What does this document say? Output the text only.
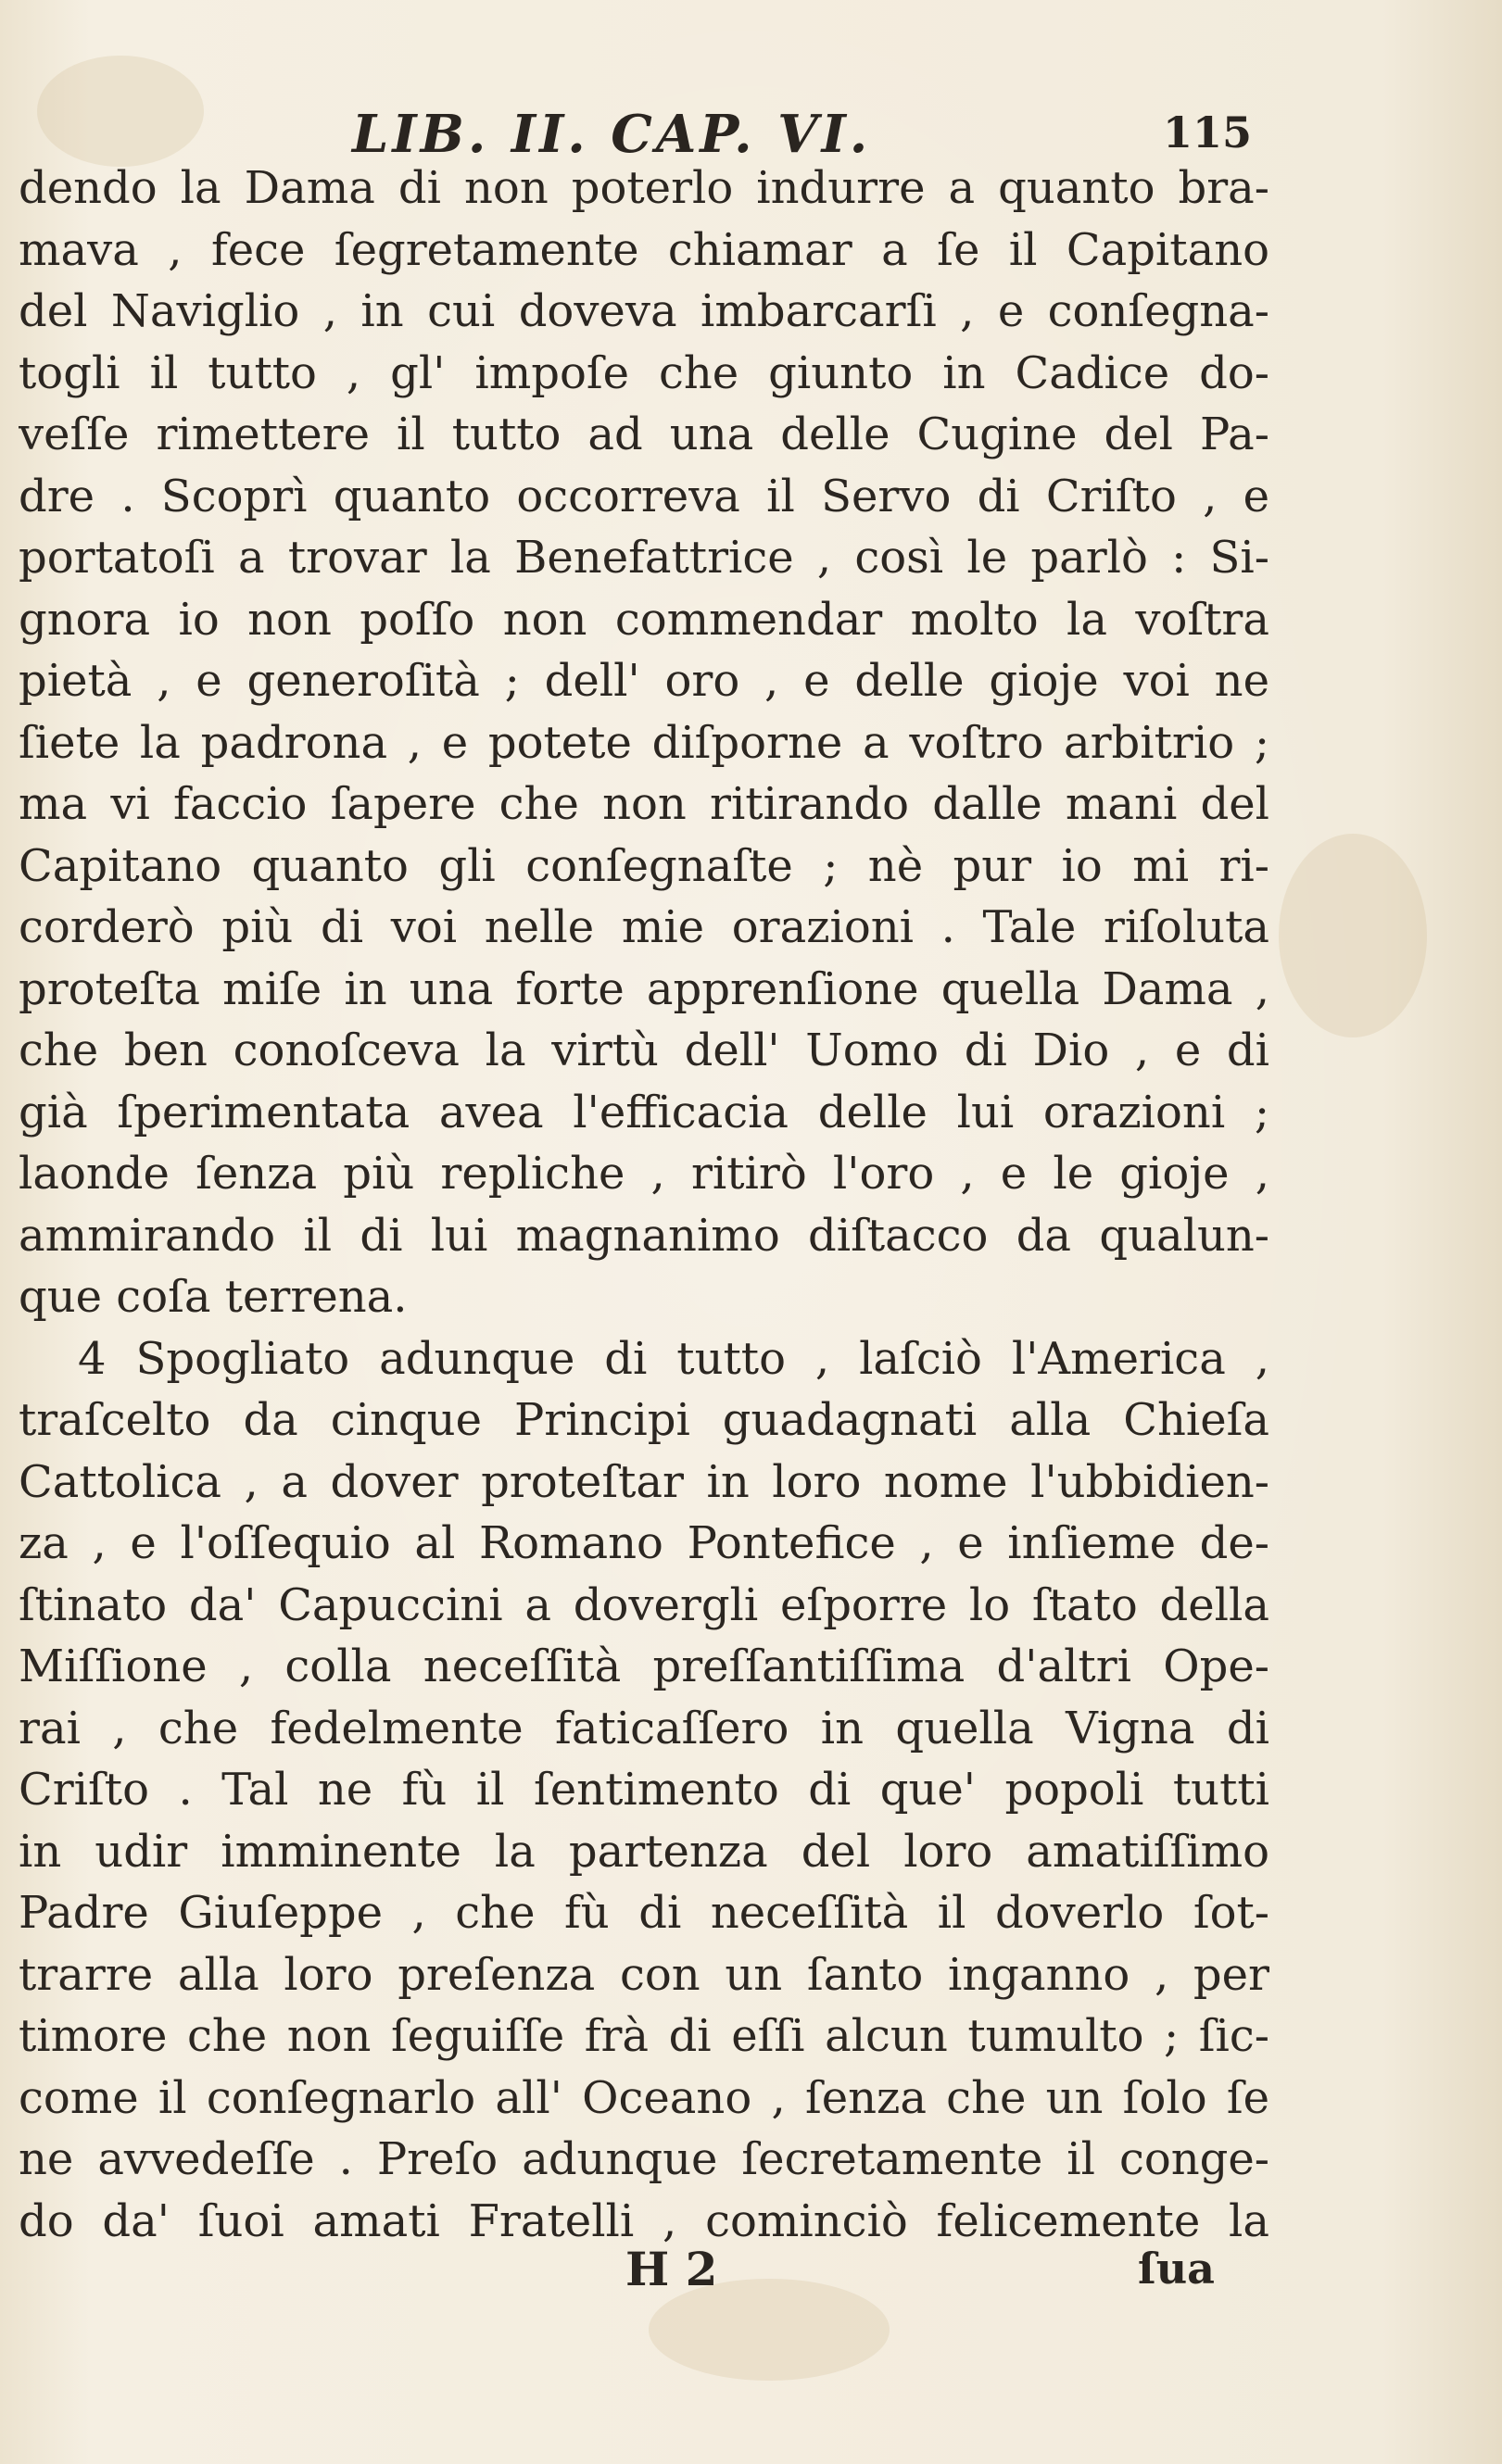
LIB. II. CAP. VI.	115
dendo la Dama di non poterlo indurre a quanto bra-
mava , fece ſegretamente chiamar a ſe il Capitano
del Naviglio , in cui doveva imbarcarſi , e conſegna-
togli il tutto , gl' impoſe che giunto in Cadice do-
veſſe rimettere il tutto ad una delle Cugine del Pa-
dre . Scoprì quanto occorreva il Servo di Criſto , e
portatoſi a trovar la Benefattrice , così le parlò : Si-
gnora io non poſſo non commendar molto la voſtra
pietà , e generoſità ; dell' oro , e delle gioje voi ne
ſiete la padrona , e potete diſporne a voſtro arbitrio ;
ma vi faccio ſapere che non ritirando dalle mani del
Capitano quanto gli conſegnaſte ; nè pur io mi ri-
corderò più di voi nelle mie orazioni . Tale riſoluta
proteſta miſe in una forte apprenſione quella Dama ,
che ben conoſceva la virtù dell' Uomo di Dio , e di
già ſperimentata avea l'efficacia delle lui orazioni ;
laonde ſenza più repliche , ritirò l'oro , e le gioje ,
ammirando il di lui magnanimo diſtacco da qualun-
que coſa terrena.
4 Spogliato adunque di tutto , laſciò l'America ,
traſcelto da cinque Principi guadagnati alla Chieſa
Cattolica , a dover proteſtar in loro nome l'ubbidien-
za , e l'oſſequio al Romano Pontefice , e inſieme de-
ſtinato da' Capuccini a dovergli eſporre lo ſtato della
Miſſione , colla neceſſità preſſantiſſima d'altri Ope-
rai , che fedelmente faticaſſero in quella Vigna di
Criſto . Tal ne fù il ſentimento di que' popoli tutti
in udir imminente la partenza del loro amatiſſimo
Padre Giuſeppe , che fù di neceſſità il doverlo ſot-
trarre alla loro preſenza con un ſanto inganno , per
timore che non ſeguiſſe frà di eſſi alcun tumulto ; ſic-
come il conſegnarlo all' Oceano , ſenza che un ſolo ſe
ne avvedeſſe . Preſo adunque ſecretamente il conge-
do da' ſuoi amati Fratelli , cominciò felicemente la
H 2	ſua
